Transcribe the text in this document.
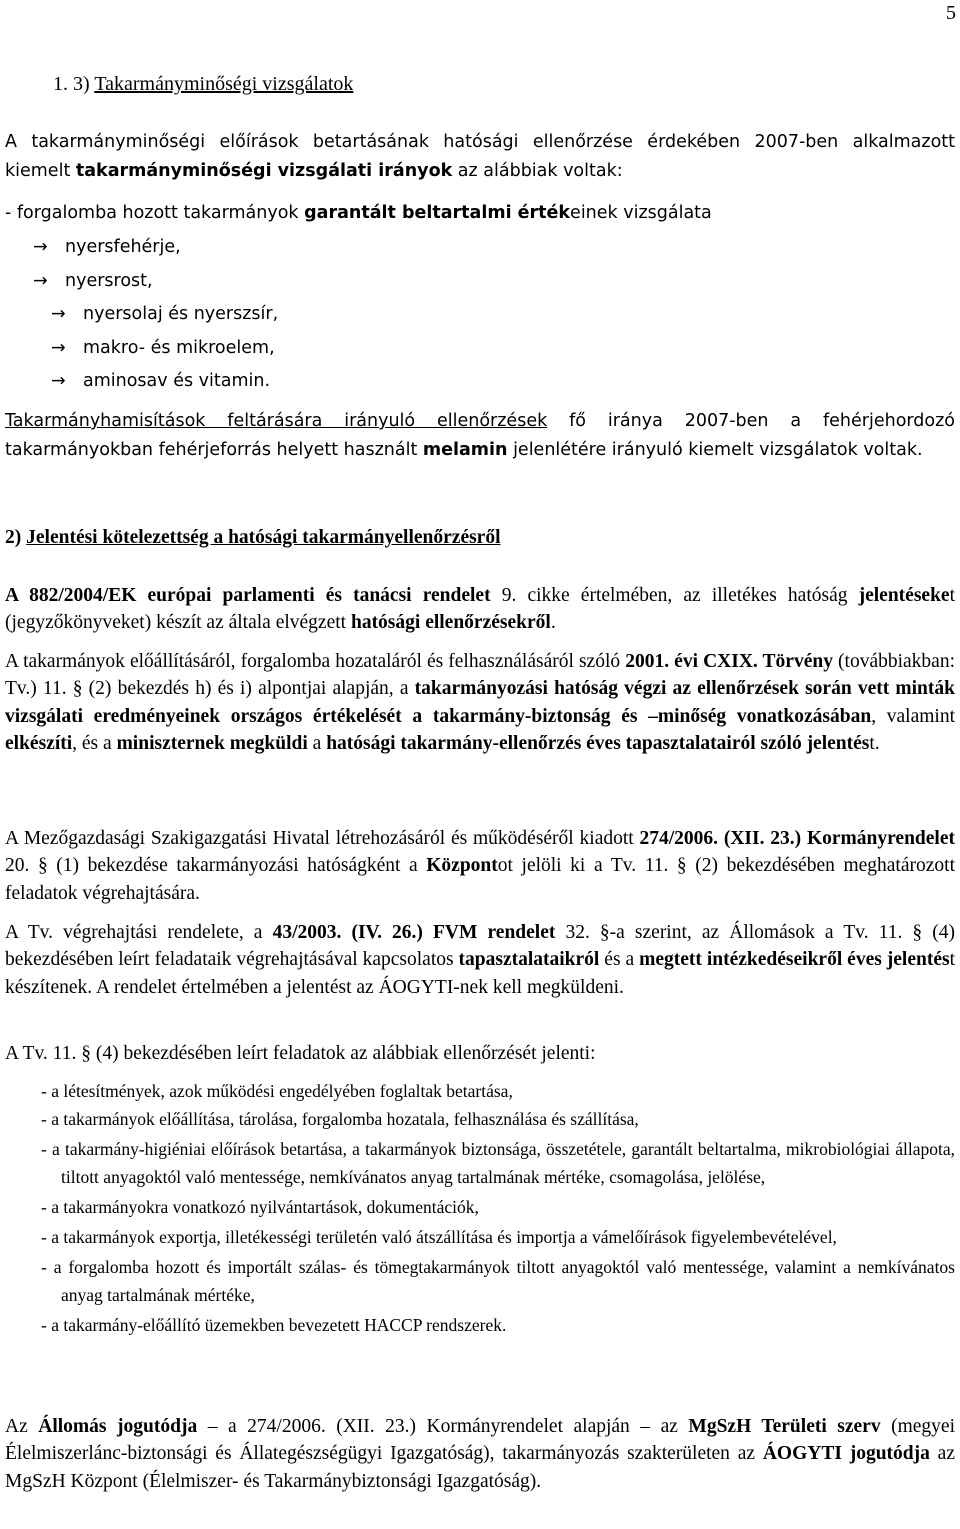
5
1. 3) Takarmányminőségi vizsgálatok
A takarmányminőségi előírások betartásának hatósági ellenőrzése érdekében 2007-ben alkalmazott kiemelt takarmányminőségi vizsgálati irányok az alábbiak voltak:
- forgalomba hozott takarmányok garantált beltartalmi értékeinek vizsgálata
→ nyersfehérje,
→ nyersrost,
→ nyersolaj és nyerszsír,
→ makro- és mikroelem,
→ aminosav és vitamin.
Takarmányhamisítások feltárására irányuló ellenőrzések fő iránya 2007-ben a fehérjehordozó takarmányokban fehérjeforrás helyett használt melamin jelenlétére irányuló kiemelt vizsgálatok voltak.
2) Jelentési kötelezettség a hatósági takarmányellenőrzésről
A 882/2004/EK európai parlamenti és tanácsi rendelet 9. cikke értelmében, az illetékes hatóság jelentéseket (jegyzőkönyveket) készít az általa elvégzett hatósági ellenőrzésekről.
A takarmányok előállításáról, forgalomba hozataláról és felhasználásáról szóló 2001. évi CXIX. Törvény (továbbiakban: Tv.) 11. § (2) bekezdés h) és i) alpontjai alapján, a takarmányozási hatóság végzi az ellenőrzések során vett minták vizsgálati eredményeinek országos értékelését a takarmány-biztonság és –minőség vonatkozásában, valamint elkészíti, és a miniszternek megküldi a hatósági takarmány-ellenőrzés éves tapasztalatairól szóló jelentést.
A Mezőgazdasági Szakigazgatási Hivatal létrehozásáról és működéséről kiadott 274/2006. (XII. 23.) Kormányrendelet 20. § (1) bekezdése takarmányozási hatóságként a Központot jelöli ki a Tv. 11. § (2) bekezdésében meghatározott feladatok végrehajtására.
A Tv. végrehajtási rendelete, a 43/2003. (IV. 26.) FVM rendelet 32. §-a szerint, az Állomások a Tv. 11. § (4) bekezdésében leírt feladataik végrehajtásával kapcsolatos tapasztalataikról és a megtett intézkedéseikről éves jelentést készítenek. A rendelet értelmében a jelentést az ÁOGYTI-nek kell megküldeni.
A Tv. 11. § (4) bekezdésében leírt feladatok az alábbiak ellenőrzését jelenti:
- a létesítmények, azok működési engedélyében foglaltak betartása,
- a takarmányok előállítása, tárolása, forgalomba hozatala, felhasználása és szállítása,
- a takarmány-higiéniai előírások betartása, a takarmányok biztonsága, összetétele, garantált beltartalma, mikrobiológiai állapota, tiltott anyagoktól való mentessége, nemkívánatos anyag tartalmának mértéke, csomagolása, jelölése,
- a takarmányokra vonatkozó nyilvántartások, dokumentációk,
- a takarmányok exportja, illetékességi területén való átszállítása és importja a vámelőírások figyelembevételével,
- a forgalomba hozott és importált szálas- és tömegtakarmányok tiltott anyagoktól való mentessége, valamint a nemkívánatos anyag tartalmának mértéke,
- a takarmány-előállító üzemekben bevezetett HACCP rendszerek.
Az Állomás jogutódja – a 274/2006. (XII. 23.) Kormányrendelet alapján – az MgSzH Területi szerv (megyei Élelmiszerlánc-biztonsági és Állategészségügyi Igazgatóság), takarmányozás szakterületen az ÁOGYTI jogutódja az MgSzH Központ (Élelmiszer- és Takarmánybiztonsági Igazgatóság).
